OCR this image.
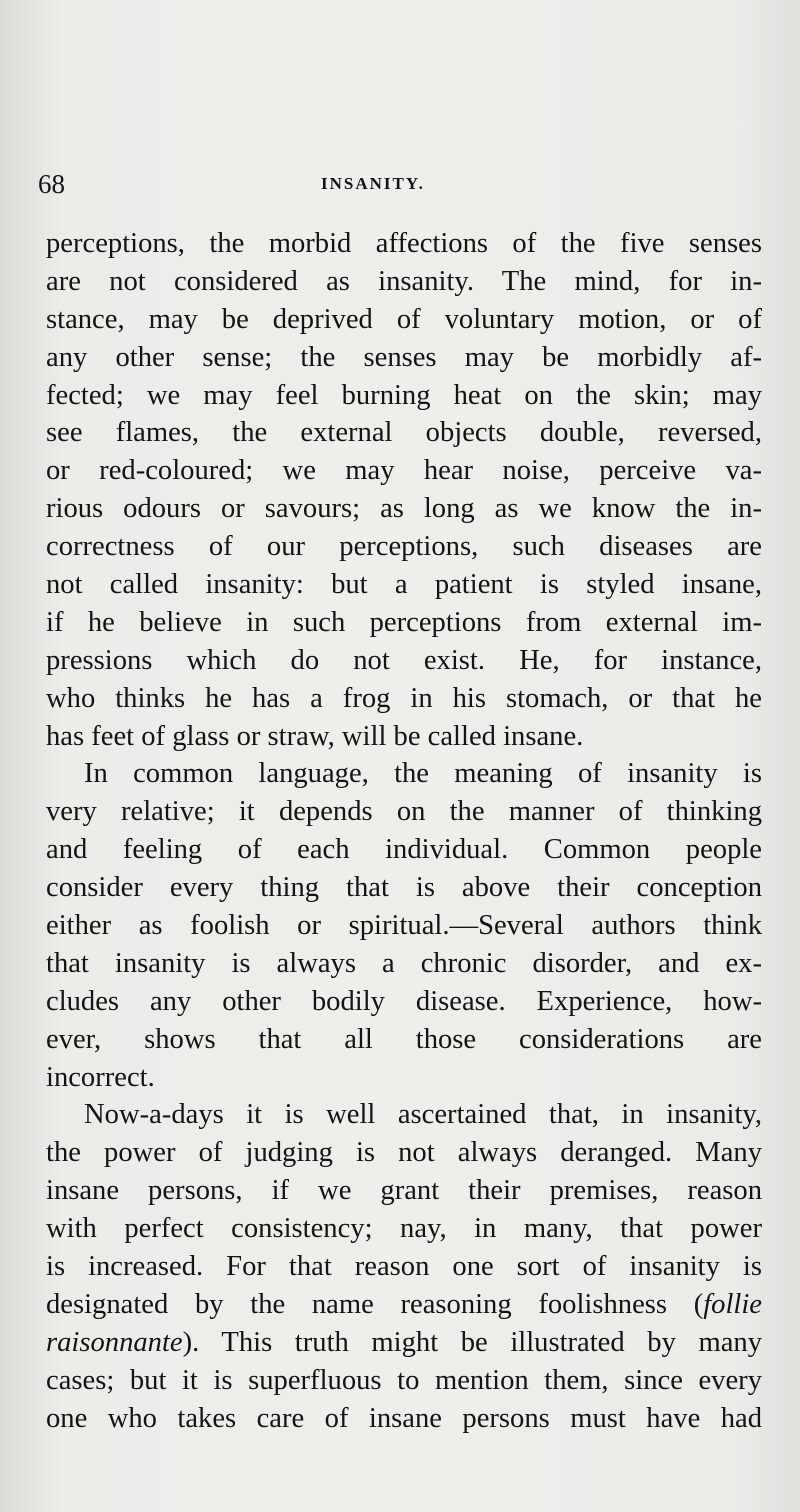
68	INSANITY.
perceptions, the morbid affections of the five senses
are not considered as insanity. The mind, for in-
stance, may be deprived of voluntary motion, or of
any other sense; the senses may be morbidly af-
fected; we may feel burning heat on the skin; may
see flames, the external objects double, reversed,
or red-coloured; we may hear noise, perceive va-
rious odours or savours; as long as we know the in-
correctness of our perceptions, such diseases are
not called insanity: but a patient is styled insane,
if he believe in such perceptions from external im-
pressions which do not exist. He, for instance,
who thinks he has a frog in his stomach, or that he
has feet of glass or straw, will be called insane.
In common language, the meaning of insanity is
very relative; it depends on the manner of thinking
and feeling of each individual. Common people
consider every thing that is above their conception
either as foolish or spiritual.—Several authors think
that insanity is always a chronic disorder, and ex-
cludes any other bodily disease. Experience, how-
ever, shows that all those considerations are
incorrect.
Now-a-days it is well ascertained that, in insanity,
the power of judging is not always deranged. Many
insane persons, if we grant their premises, reason
with perfect consistency; nay, in many, that power
is increased. For that reason one sort of insanity is
designated by the name reasoning foolishness (follie
raisonnante). This truth might be illustrated by many
cases; but it is superfluous to mention them, since every
one who takes care of insane persons must have had
